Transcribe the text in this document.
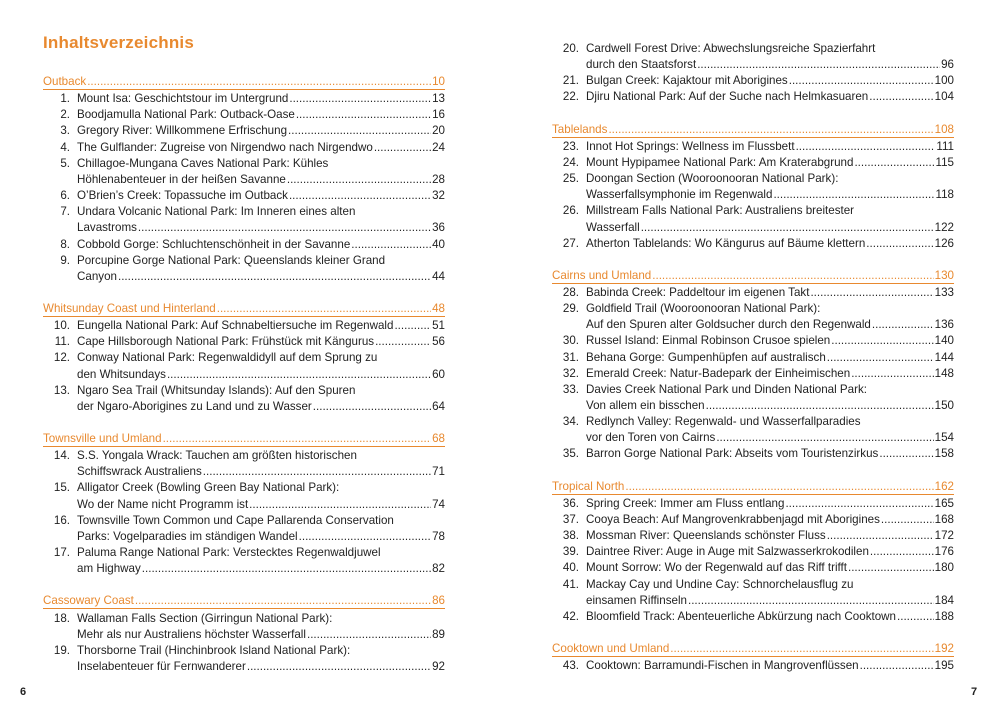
Inhaltsverzeichnis
Outback .....	10
1. Mount Isa: Geschichtstour im Untergrund .....	13
2. Boodjamulla National Park: Outback-Oase .....	16
3. Gregory River: Willkommene Erfrischung .....	20
4. The Gulflander: Zugreise von Nirgendwo nach Nirgendwo .....	24
5. Chillagoe-Mungana Caves National Park: Kühles
Höhlenabenteuer in der heißen Savanne .....	28
6. O’Brien’s Creek: Topassuche im Outback .....	32
7. Undara Volcanic National Park: Im Inneren eines alten
Lavastroms .....	36
8. Cobbold Gorge: Schluchtenschönheit in der Savanne .....	40
9. Porcupine Gorge National Park: Queenslands kleiner Grand
Canyon .....	44
Whitsunday Coast und Hinterland .....	48
10. Eungella National Park: Auf Schnabeltiersuche im Regenwald .....	51
11. Cape Hillsborough National Park: Frühstück mit Kängurus .....	56
12. Conway National Park: Regenwaldidyll auf dem Sprung zu
den Whitsundays .....	60
13. Ngaro Sea Trail (Whitsunday Islands): Auf den Spuren
der Ngaro-Aborigines zu Land und zu Wasser .....	64
Townsville und Umland .....	68
14. S.S. Yongala Wrack: Tauchen am größten historischen
Schiffswrack Australiens .....	71
15. Alligator Creek (Bowling Green Bay National Park):
Wo der Name nicht Programm ist .....	74
16. Townsville Town Common und Cape Pallarenda Conservation
Parks: Vogelparadies im ständigen Wandel .....	78
17. Paluma Range National Park: Verstecktes Regenwaldjuwel
am Highway .....	82
Cassowary Coast .....	86
18. Wallaman Falls Section (Girringun National Park):
Mehr als nur Australiens höchster Wasserfall .....	89
19. Thorsborne Trail (Hinchinbrook Island National Park):
Inselabenteuer für Fernwanderer .....	92
6
20. Cardwell Forest Drive: Abwechslungsreiche Spazierfahrt
durch den Staatsforst .....	96
21. Bulgan Creek: Kajaktour mit Aborigines .....	100
22. Djiru National Park: Auf der Suche nach Helmkasuaren .....	104
Tablelands .....	108
23. Innot Hot Springs: Wellness im Flussbett .....	111
24. Mount Hypipamee National Park: Am Kraterabgrund .....	115
25. Doongan Section (Wooroonooran National Park):
Wasserfallsymphonie im Regenwald .....	118
26. Millstream Falls National Park: Australiens breitester
Wasserfall .....	122
27. Atherton Tablelands: Wo Kängurus auf Bäume klettern .....	126
Cairns und Umland .....	130
28. Babinda Creek: Paddeltour im eigenen Takt .....	133
29. Goldfield Trail (Wooroonooran National Park):
Auf den Spuren alter Goldsucher durch den Regenwald .....	136
30. Russel Island: Einmal Robinson Crusoe spielen .....	140
31. Behana Gorge: Gumpenhüpfen auf australisch .....	144
32. Emerald Creek: Natur-Badepark der Einheimischen .....	148
33. Davies Creek National Park und Dinden National Park:
Von allem ein bisschen .....	150
34. Redlynch Valley: Regenwald- und Wasserfallparadies
vor den Toren von Cairns .....	154
35. Barron Gorge National Park: Abseits vom Touristenzirkus .....	158
Tropical North .....	162
36. Spring Creek: Immer am Fluss entlang .....	165
37. Cooya Beach: Auf Mangrovenkrabbenjagd mit Aborigines .....	168
38. Mossman River: Queenslands schönster Fluss .....	172
39. Daintree River: Auge in Auge mit Salzwasserkrokodilen .....	176
40. Mount Sorrow: Wo der Regenwald auf das Riff trifft .....	180
41. Mackay Cay und Undine Cay: Schnorchelausflug zu
einsamen Riffinseln .....	184
42. Bloomfield Track: Abenteuerliche Abkürzung nach Cooktown .....	188
Cooktown und Umland .....	192
43. Cooktown: Barramundi-Fischen in Mangrovenflüssen .....	195
7
